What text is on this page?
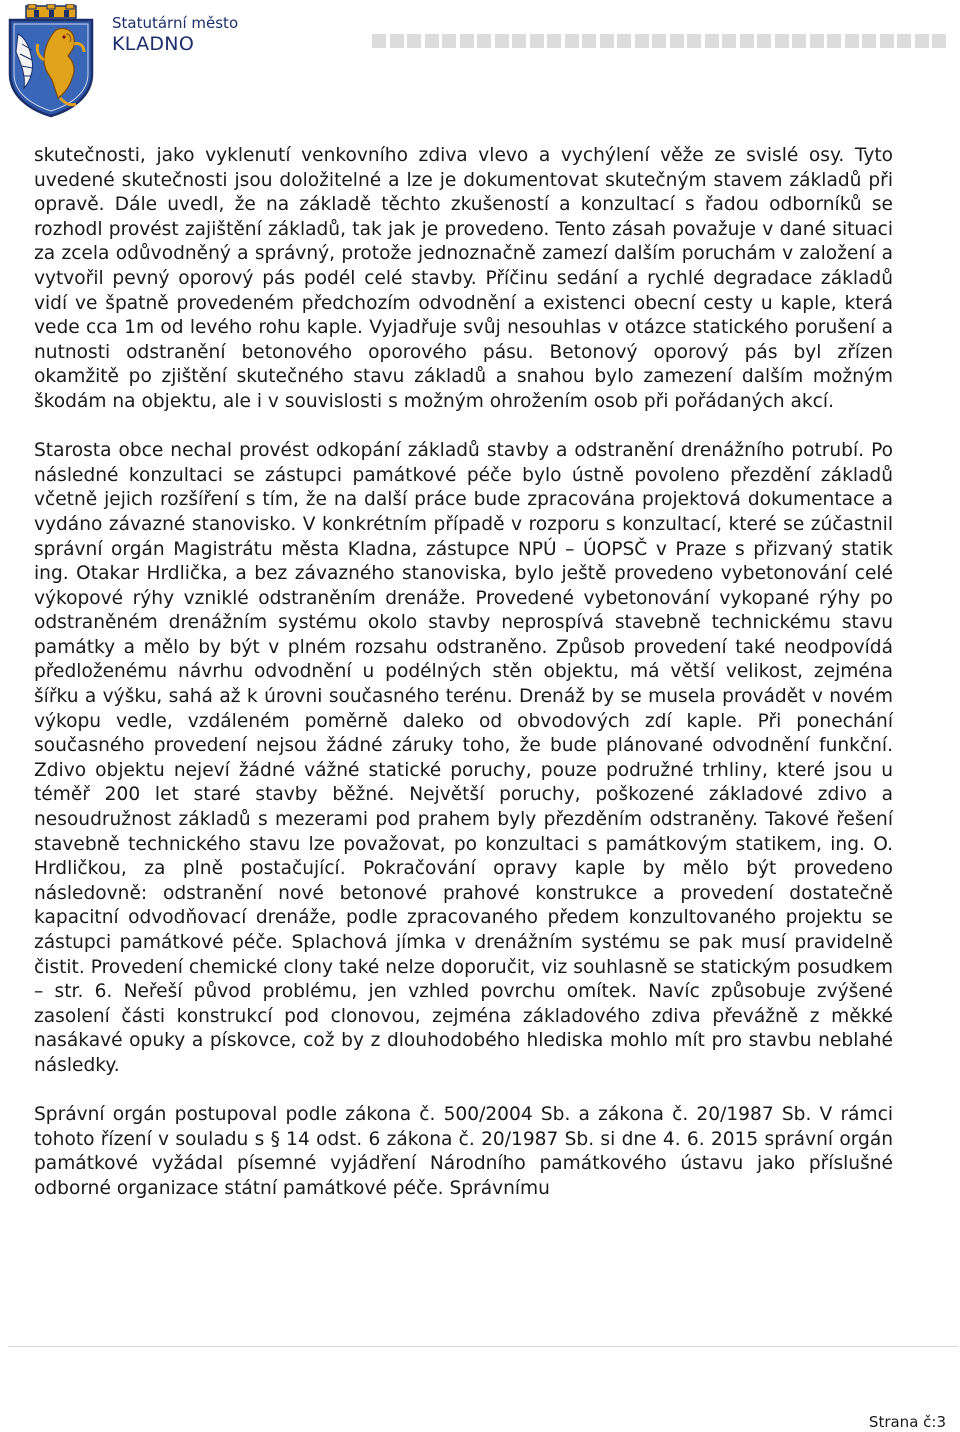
Statutární město
KLADNO

skutečnosti, jako vyklenutí venkovního zdiva vlevo a vychýlení věže ze svislé osy. Tyto uvedené skutečnosti jsou doložitelné a lze je dokumentovat skutečným stavem základů při opravě. Dále uvedl, že na základě těchto zkušeností a konzultací s řadou odborníků se rozhodl provést zajištění základů, tak jak je provedeno. Tento zásah považuje v dané situaci za zcela odůvodněný a správný, protože jednoznačně zamezí dalším poruchám v založení a vytvořil pevný oporový pás podél celé stavby. Příčinu sedání a rychlé degradace základů vidí ve špatně provedeném předchozím odvodnění a existenci obecní cesty u kaple, která vede cca 1m od levého rohu kaple. Vyjadřuje svůj nesouhlas v otázce statického porušení a nutnosti odstranění betonového oporového pásu. Betonový oporový pás byl zřízen okamžitě po zjištění skutečného stavu základů a snahou bylo zamezení dalším možným škodám na objektu, ale i v souvislosti s možným ohrožením osob při pořádaných akcí.

Starosta obce nechal provést odkopání základů stavby a odstranění drenážního potrubí. Po následné konzultaci se zástupci památkové péče bylo ústně povoleno přezdění základů včetně jejich rozšíření s tím, že na další práce bude zpracována projektová dokumentace a vydáno závazné stanovisko. V konkrétním případě v rozporu s konzultací, které se zúčastnil správní orgán Magistrátu města Kladna, zástupce NPÚ – ÚOPSČ v Praze s přizvaný statik ing. Otakar Hrdlička, a bez závazného stanoviska, bylo ještě provedeno vybetonování celé výkopové rýhy vzniklé odstraněním drenáže. Provedené vybetonování vykopané rýhy po odstraněném drenážním systému okolo stavby neprospívá stavebně technickému stavu památky a mělo by být v plném rozsahu odstraněno. Způsob provedení také neodpovídá předloženému návrhu odvodnění u podélných stěn objektu, má větší velikost, zejména šířku a výšku, sahá až k úrovni současného terénu. Drenáž by se musela provádět v novém výkopu vedle, vzdáleném poměrně daleko od obvodových zdí kaple. Při ponechání současného provedení nejsou žádné záruky toho, že bude plánované odvodnění funkční. Zdivo objektu nejeví žádné vážné statické poruchy, pouze podružné trhliny, které jsou u téměř 200 let staré stavby běžné. Největší poruchy, poškozené základové zdivo a nesoudružnost základů s mezerami pod prahem byly přezděním odstraněny. Takové řešení stavebně technického stavu lze považovat, po konzultaci s památkovým statikem, ing. O. Hrdličkou, za plně postačující. Pokračování opravy kaple by mělo být provedeno následovně: odstranění nové betonové prahové konstrukce a provedení dostatečně kapacitní odvodňovací drenáže, podle zpracovaného předem konzultovaného projektu se zástupci památkové péče. Splachová jímka v drenážním systému se pak musí pravidelně čistit. Provedení chemické clony také nelze doporučit, viz souhlasně se statickým posudkem – str. 6. Neřeší původ problému, jen vzhled povrchu omítek. Navíc způsobuje zvýšené zasolení části konstrukcí pod clonovou, zejména základového zdiva převážně z měkké nasákavé opuky a pískovce, což by z dlouhodobého hlediska mohlo mít pro stavbu neblahé následky.

Správní orgán postupoval podle zákona č. 500/2004 Sb. a zákona č. 20/1987 Sb. V rámci tohoto řízení v souladu s § 14 odst. 6 zákona č. 20/1987 Sb. si dne 4. 6. 2015 správní orgán památkové vyžádal písemné vyjádření Národního památkového ústavu jako příslušné odborné organizace státní památkové péče. Správnímu

Strana č:3
